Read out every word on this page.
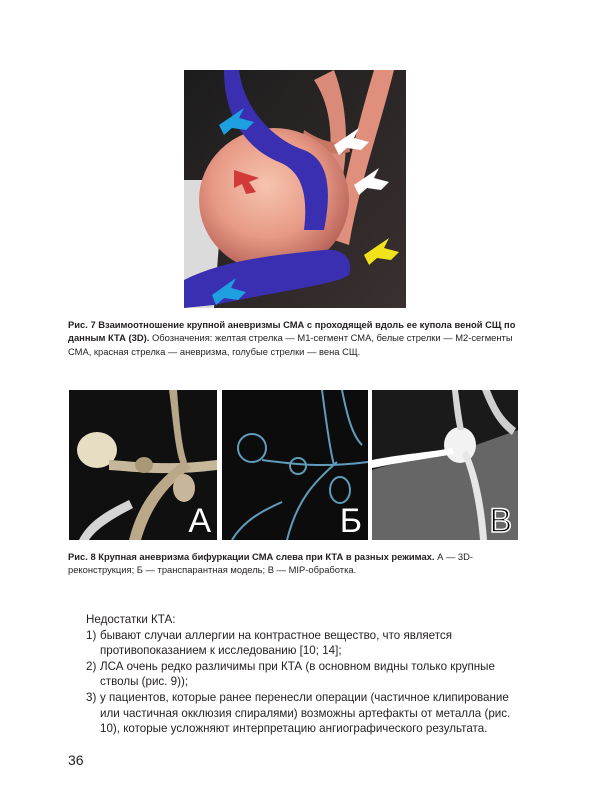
Рис. 7 Взаимоотношение крупной аневризмы СМА с проходящей вдоль ее купола веной СЩ по данным КТА (3D). Обозначения: желтая стрелка — М1-сегмент СМА, белые стрелки — М2-сегменты СМА, красная стрелка — аневризма, голубые стрелки — вена СЩ.
А	Б	В
Рис. 8 Крупная аневризма бифуркации СМА слева при КТА в разных режимах. А — 3D-реконструкция; Б — транспарантная модель; В — MIP-обработка.

Недостатки КТА:

1) бывают случаи аллергии на контрастное вещество, что является противопоказанием к исследованию [10; 14];
2) ЛСА очень редко различимы при КТА (в основном видны только крупные стволы (рис. 9));
3) у пациентов, которые ранее перенесли операции (частичное клипирование или частичная окклюзия спиралями) возможны артефакты от металла (рис. 10), которые усложняют интерпретацию ангиографического результата.
36
